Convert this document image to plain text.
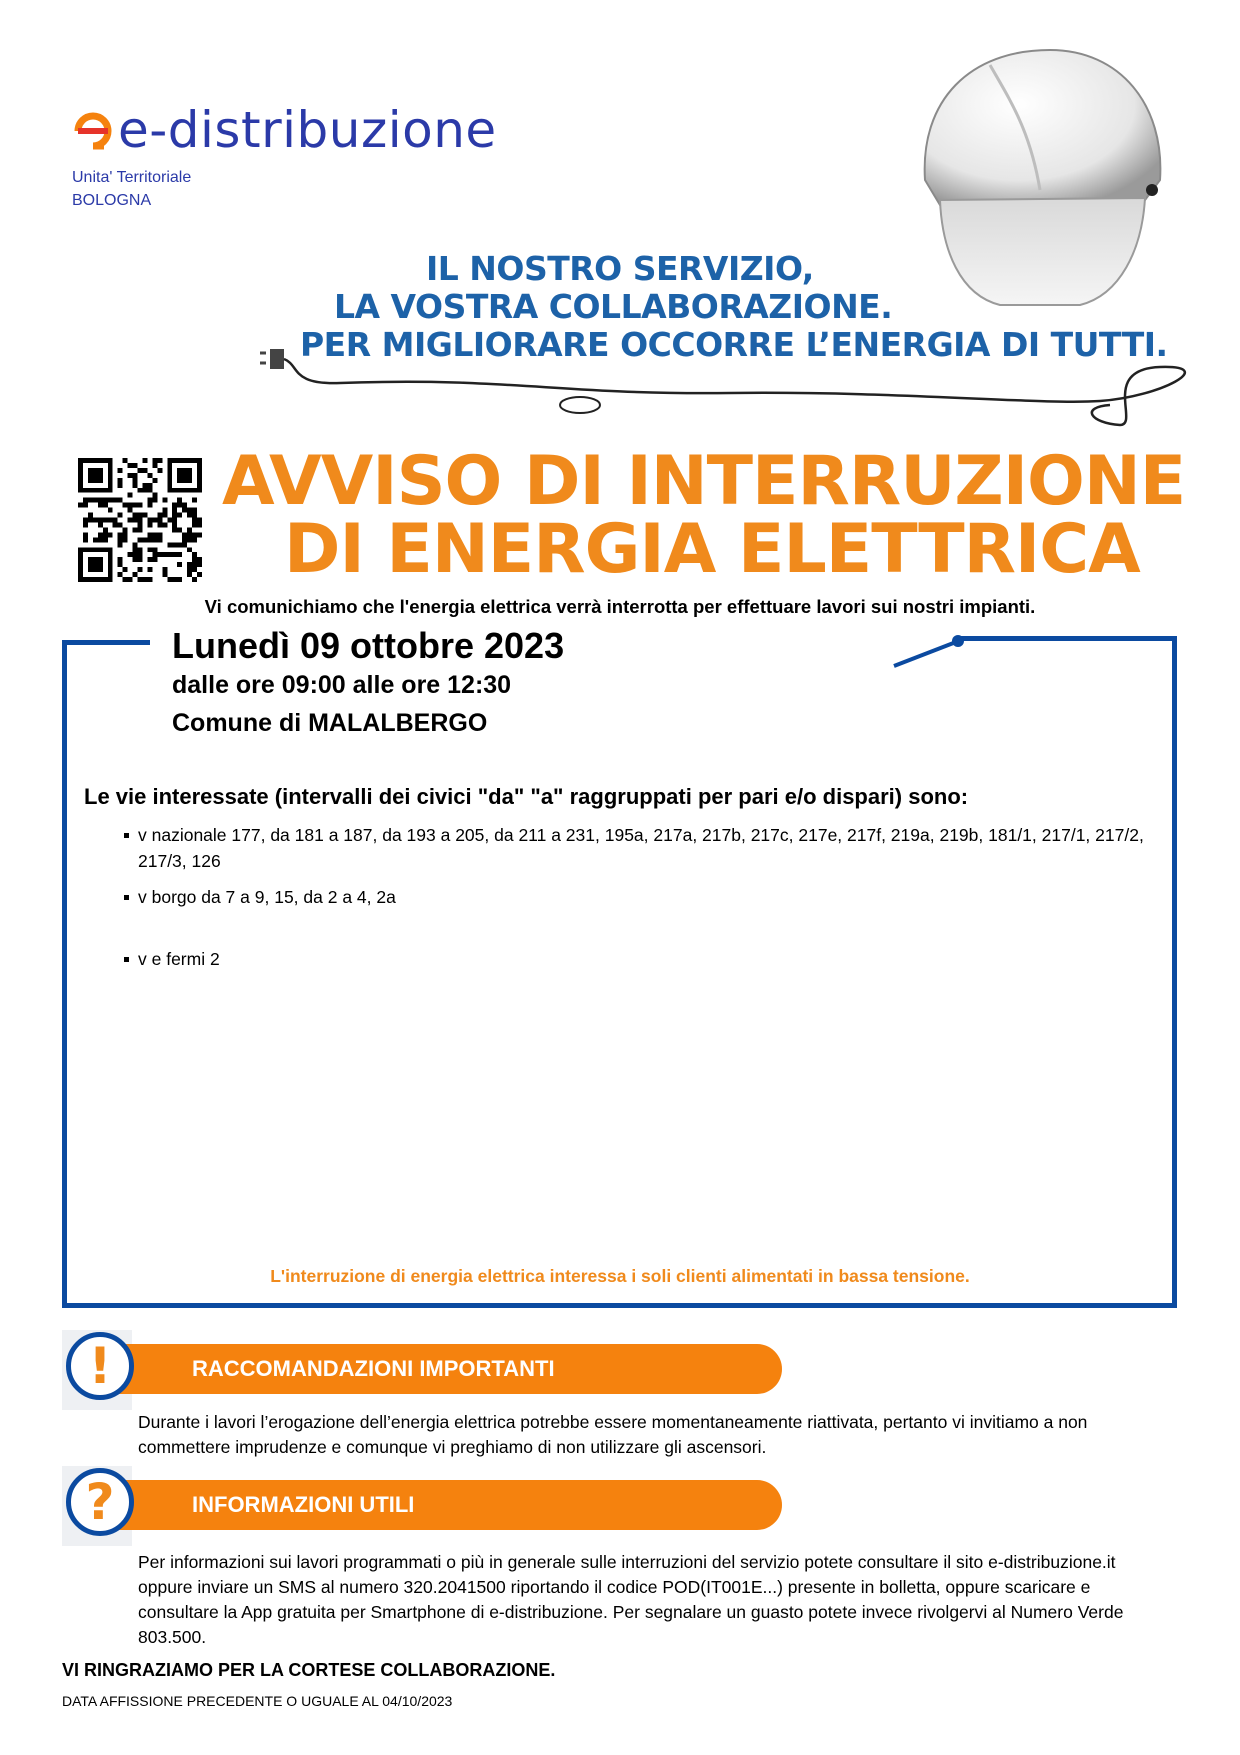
e-distribuzione
Unita' Territoriale
BOLOGNA
IL NOSTRO SERVIZIO,
LA VOSTRA COLLABORAZIONE.
PER MIGLIORARE OCCORRE L’ENERGIA DI TUTTI.
AVVISO DI INTERRUZIONE
DI ENERGIA ELETTRICA
Vi comunichiamo che l'energia elettrica verrà interrotta per effettuare lavori sui nostri impianti.
Lunedì 09 ottobre 2023
dalle ore 09:00 alle ore 12:30
Comune di MALALBERGO
Le vie interessate (intervalli dei civici "da" "a" raggruppati per pari e/o dispari) sono:
v nazionale 177, da 181 a 187, da 193 a 205, da 211 a 231, 195a, 217a, 217b, 217c, 217e, 217f, 219a, 219b, 181/1, 217/1, 217/2, 217/3, 126
v borgo da 7 a 9, 15, da 2 a 4, 2a
v e fermi 2
L'interruzione di energia elettrica interessa i soli clienti alimentati in bassa tensione.
!	RACCOMANDAZIONI IMPORTANTI
Durante i lavori l’erogazione dell’energia elettrica potrebbe essere momentaneamente riattivata, pertanto vi invitiamo a non commettere imprudenze e comunque vi preghiamo di non utilizzare gli ascensori.
?	INFORMAZIONI UTILI
Per informazioni sui lavori programmati o più in generale sulle interruzioni del servizio potete consultare il sito e-distribuzione.it oppure inviare un SMS al numero 320.2041500 riportando il codice POD(IT001E...) presente in bolletta, oppure scaricare e consultare la App gratuita per Smartphone di e-distribuzione. Per segnalare un guasto potete invece rivolgervi al Numero Verde 803.500.
VI RINGRAZIAMO PER LA CORTESE COLLABORAZIONE.
DATA AFFISSIONE PRECEDENTE O UGUALE AL 04/10/2023
